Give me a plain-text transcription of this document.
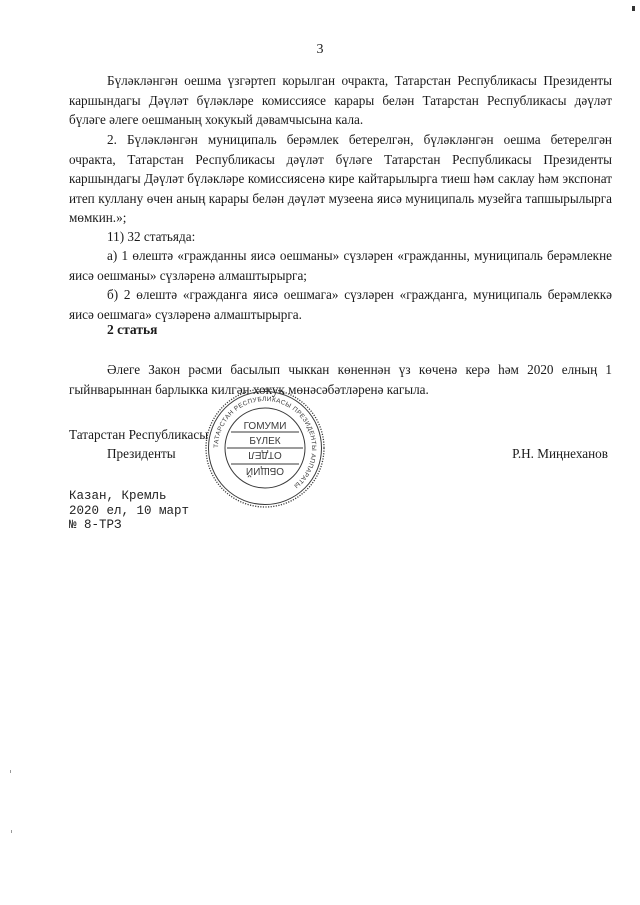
3

Бүләкләнгән оешма үзгәртеп корылган очракта, Татарстан Республикасы Президенты каршындагы Дәүләт бүләкләре комиссиясе карары белән Татарстан Республикасы дәүләт бүләге әлеге оешманың хокукый дәвамчысына кала.

2. Бүләкләнгән муниципаль берәмлек бетерелгән, бүләкләнгән оешма бетерелгән очракта, Татарстан Республикасы дәүләт бүләге Татарстан Республикасы Президенты каршындагы Дәүләт бүләкләре комиссиясенә кире кайтарылырга тиеш һәм саклау һәм экспонат итеп куллану өчен аның карары белән дәүләт музеена яисә муниципаль музейга тапшырылырга мөмкин.»;

11) 32 статьяда:

а) 1 өлештә «гражданны яисә оешманы» сүзләрен «гражданны, муниципаль берәмлекне яисә оешманы» сүзләренә алмаштырырга;

б) 2 өлештә «гражданга яисә оешмага» сүзләрен «гражданга, муниципаль берәмлеккә яисә оешмага» сүзләренә алмаштырырга.

2 статья

Әлеге Закон рәсми басылып чыккан көненнән үз көченә керә һәм 2020 елның 1 гыйнварыннан барлыкка килгән хокук мөнәсәбәтләренә кагыла.

Татарстан Республикасы
Президенты	Р.Н. Миңнеханов
Казан, Кремль
2020 ел, 10 март
№ 8-ТРЗ
ТАТАРСТАН РЕСПУБЛИКАСЫ ПРЕЗИДЕНТЫ АППАРАТЫ
ГОМУМИ
БҮЛЕК
ОТДЕЛ
ОБЩИЙ
